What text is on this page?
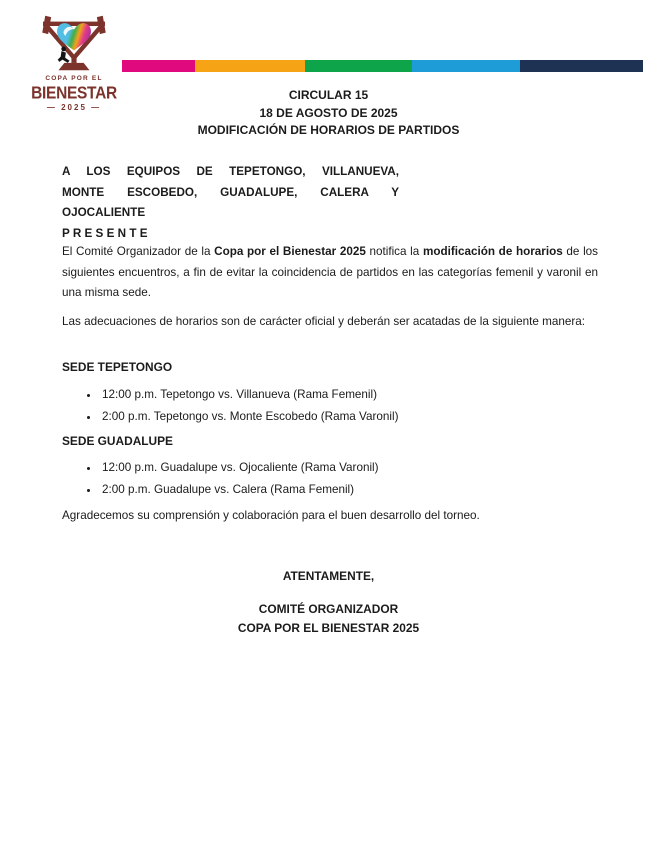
COPA POR EL
BIENESTAR
— 2025 —
CIRCULAR 15
18 DE AGOSTO DE 2025
MODIFICACIÓN DE HORARIOS DE PARTIDOS
A LOS EQUIPOS DE TEPETONGO, VILLANUEVA,
MONTE ESCOBEDO, GUADALUPE, CALERA Y
OJOCALIENTE
P R E S E N T E

El Comité Organizador de la Copa por el Bienestar 2025 notifica la modificación de horarios de los siguientes encuentros, a fin de evitar la coincidencia de partidos en las categorías femenil y varonil en una misma sede.

Las adecuaciones de horarios son de carácter oficial y deberán ser acatadas de la siguiente manera:

SEDE TEPETONGO
• 12:00 p.m. Tepetongo vs. Villanueva (Rama Femenil)
• 2:00 p.m. Tepetongo vs. Monte Escobedo (Rama Varonil)
SEDE GUADALUPE
• 12:00 p.m. Guadalupe vs. Ojocaliente (Rama Varonil)
• 2:00 p.m. Guadalupe vs. Calera (Rama Femenil)

Agradecemos su comprensión y colaboración para el buen desarrollo del torneo.

ATENTAMENTE,
COMITÉ ORGANIZADOR
COPA POR EL BIENESTAR 2025
